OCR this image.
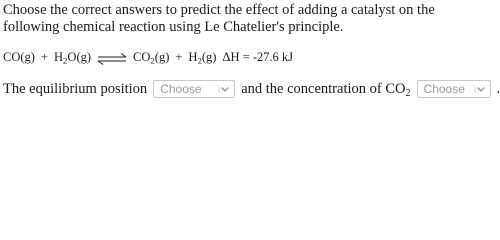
Choose the correct answers to predict the effect of adding a catalyst on the following chemical reaction using Le Chatelier's principle.
$CO(g) + H_2O(g)$ ⇌ $CO_2(g) + H_2(g) \Delta H = -27.6$ kJ
The equilibrium position Choose	and the concentration of $CO_2$ Choose .
